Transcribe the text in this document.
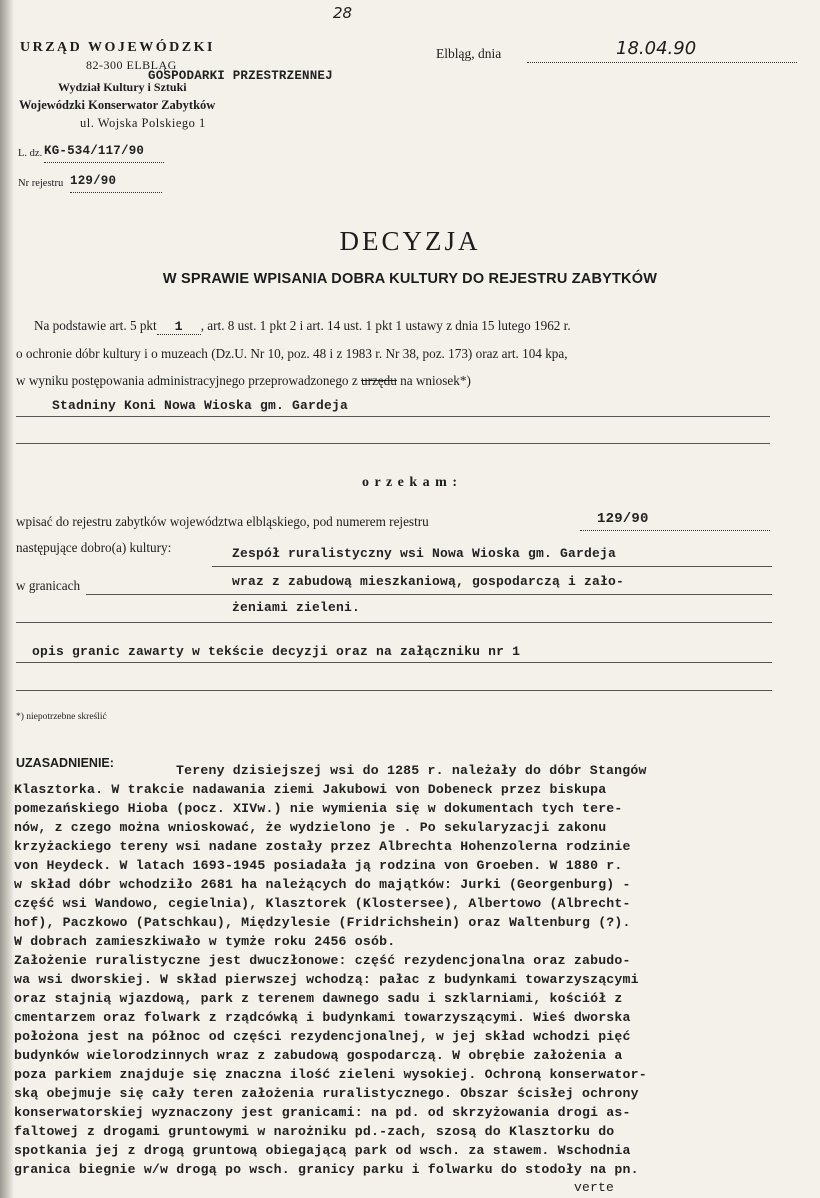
28
URZĄD WOJEWÓDZKI
82-300 ELBLĄG
GOSPODARKI PRZESTRZENNEJ
Wydział Kultury i Sztuki
Wojewódzki Konserwator Zabytków
ul. Wojska Polskiego 1
Elbląg, dnia	18.04.90
L. dz. KG-534/117/90
Nr rejestru 129/90
DECYZJA
W SPRAWIE WPISANIA DOBRA KULTURY DO REJESTRU ZABYTKÓW
Na podstawie art. 5 pkt 1 , art. 8 ust. 1 pkt 2 i art. 14 ust. 1 pkt 1 ustawy z dnia 15 lutego 1962 r.
o ochronie dóbr kultury i o muzeach (Dz.U. Nr 10, poz. 48 i z 1983 r. Nr 38, poz. 173) oraz art. 104 kpa,
w wyniku postępowania administracyjnego przeprowadzonego z urzędu na wniosek*)
Stadniny Koni Nowa Wioska gm. Gardeja
o r z e k a m :
wpisać do rejestru zabytków województwa elbląskiego, pod numerem rejestru	129/90
następujące dobro(a) kultury:	Zespół ruralistyczny wsi Nowa Wioska gm. Gardeja
w granicach	wraz z zabudową mieszkaniową, gospodarczą i zało-
żeniami zieleni.
opis granic zawarty w tekście decyzji oraz na załączniku nr 1
*) niepotrzebne skreślić
UZASADNIENIE:	Tereny dzisiejszej wsi do 1285 r. należały do dóbr Stangów
Klasztorka. W trakcie nadawania ziemi Jakubowi von Dobeneck przez biskupa
pomezańskiego Hioba (pocz. XIVw.) nie wymienia się w dokumentach tych tere-
nów, z czego można wnioskować, że wydzielono je . Po sekularyzacji zakonu
krzyżackiego tereny wsi nadane zostały przez Albrechta Hohenzolerna rodzinie
von Heydeck. W latach 1693-1945 posiadała ją rodzina von Groeben. W 1880 r.
w skład dóbr wchodziło 2681 ha należących do majątków: Jurki (Georgenburg) -
część wsi Wandowo, cegielnia), Klasztorek (Klostersee), Albertowo (Albrecht-
hof), Paczkowo (Patschkau), Międzylesie (Fridrichshein) oraz Waltenburg (?).
W dobrach zamieszkiwało w tymże roku 2456 osób.
Założenie ruralistyczne jest dwuczłonowe: część rezydencjonalna oraz zabudo-
wa wsi dworskiej. W skład pierwszej wchodzą: pałac z budynkami towarzyszącymi
oraz stajnią wjazdową, park z terenem dawnego sadu i szklarniami, kościół z
cmentarzem oraz folwark z rządcówką i budynkami towarzyszącymi. Wieś dworska
położona jest na północ od części rezydencjonalnej, w jej skład wchodzi pięć
budynków wielorodzinnych wraz z zabudową gospodarczą. W obrębie założenia a
poza parkiem znajduje się znaczna ilość zieleni wysokiej. Ochroną konserwator-
ską obejmuje się cały teren założenia ruralistycznego. Obszar ścisłej ochrony
konserwatorskiej wyznaczony jest granicami: na pd. od skrzyżowania drogi as-
faltowej z drogami gruntowymi w narożniku pd.-zach, szosą do Klasztorku do
spotkania jej z drogą gruntową obiegającą park od wsch. za stawem. Wschodnia
granica biegnie w/w drogą po wsch. granicy parku i folwarku do stodoły na pn.
verte
